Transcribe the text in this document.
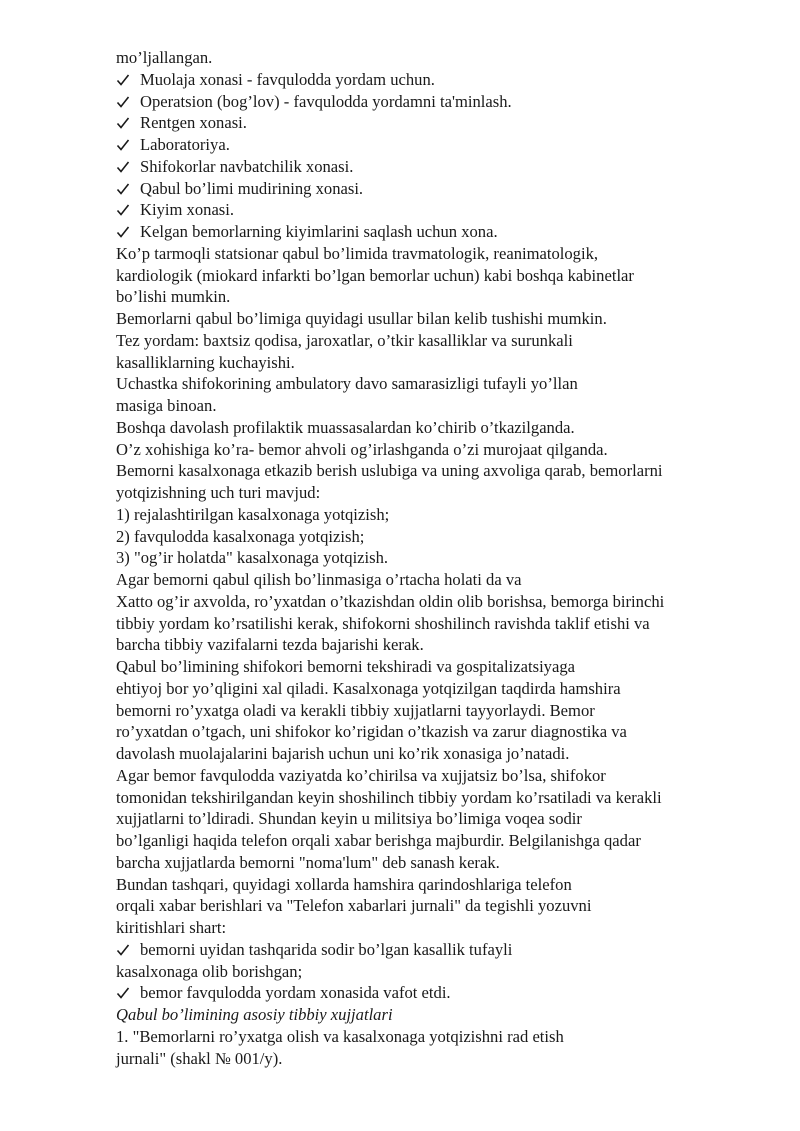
mo’ljallangan.
Muolaja xonasi - favqulodda yordam uchun.
Operatsion (bog’lov) - favqulodda yordamni ta'minlash.
Rentgen xonasi.
Laboratoriya.
Shifokorlar navbatchilik xonasi.
Qabul bo’limi mudirining xonasi.
Kiyim xonasi.
Kelgan bemorlarning kiyimlarini saqlash uchun xona.
Ko’p tarmoqli statsionar qabul bo’limida travmatologik, reanimatologik,
kardiologik (miokard infarkti bo’lgan bemorlar uchun) kabi boshqa kabinetlar
bo’lishi mumkin.
Bemorlarni qabul bo’limiga quyidagi usullar bilan kelib tushishi mumkin.
Tez yordam: baxtsiz qodisa, jaroxatlar, o’tkir kasalliklar va surunkali
kasalliklarning kuchayishi.
Uchastka shifokorining ambulatory davo samarasizligi tufayli yo’llan
masiga binoan.
Boshqa davolash profilaktik muassasalardan ko’chirib o’tkazilganda.
O’z xohishiga ko’ra- bemor ahvoli og’irlashganda o’zi murojaat qilganda.
Bemorni kasalxonaga etkazib berish uslubiga va uning axvoliga qarab, bemorlarni
yotqizishning uch turi mavjud:
1) rejalashtirilgan kasalxonaga yotqizish;
2) favqulodda kasalxonaga yotqizish;
3) "og’ir holatda" kasalxonaga yotqizish.
Agar bemorni qabul qilish bo’linmasiga o’rtacha holati da va
Xatto og’ir axvolda, ro’yxatdan o’tkazishdan oldin olib borishsa, bemorga birinchi
tibbiy yordam ko’rsatilishi kerak, shifokorni shoshilinch ravishda taklif etishi va
barcha tibbiy vazifalarni tezda bajarishi kerak.
Qabul bo’limining shifokori bemorni tekshiradi va gospitalizatsiyaga
ehtiyoj bor yo’qligini xal qiladi. Kasalxonaga yotqizilgan taqdirda hamshira
bemorni ro’yxatga oladi va kerakli tibbiy xujjatlarni tayyorlaydi. Bemor
ro’yxatdan o’tgach, uni shifokor ko’rigidan o’tkazish va zarur diagnostika va
davolash muolajalarini bajarish uchun uni ko’rik xonasiga jo’natadi.
Agar bemor favqulodda vaziyatda ko’chirilsa va xujjatsiz bo’lsa, shifokor
tomonidan tekshirilgandan keyin shoshilinch tibbiy yordam ko’rsatiladi va kerakli
xujjatlarni to’ldiradi. Shundan keyin u militsiya bo’limiga voqea sodir
bo’lganligi haqida telefon orqali xabar berishga majburdir. Belgilanishga qadar
barcha xujjatlarda bemorni "noma'lum" deb sanash kerak.
Bundan tashqari, quyidagi xollarda hamshira qarindoshlariga telefon
orqali xabar berishlari va "Telefon xabarlari jurnali" da tegishli yozuvni
kiritishlari shart:
bemorni uyidan tashqarida sodir bo’lgan kasallik tufayli
kasalxonaga olib borishgan;
bemor favqulodda yordam xonasida vafot etdi.
Qabul bo’limining asosiy tibbiy xujjatlari
1. "Bemorlarni ro’yxatga olish va kasalxonaga yotqizishni rad etish
jurnali" (shakl № 001/y).
